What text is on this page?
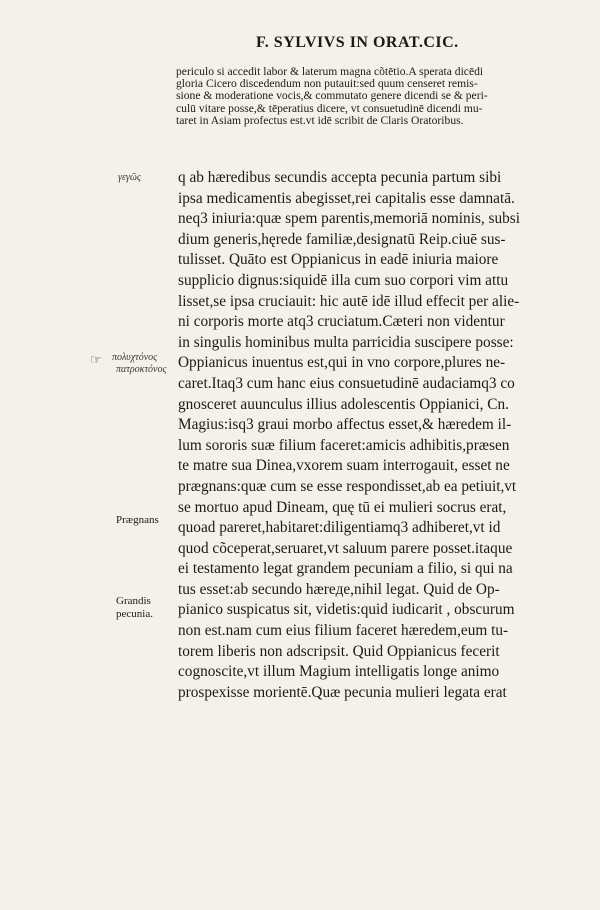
F. SYLVIVS IN ORAT.CIC.
periculo si accedit labor & laterum magna cõtētio.A sperata dicēdi
gloria Cicero discedendum non putauit:sed quum censeret remis-
sione & moderatione vocis,& commutato genere dicendi se & peri-
culū vitare posse,& tēperatius dicere, vt consuetudinē dicendi mu-
taret in Asiam profectus est.vt idē scribit de Claris Oratoribus.
q ab hæredibus secundis accepta pecunia partum sibi
ipsa medicamentis abegisset,rei capitalis esse damnatā.
neq3 iniuria:quæ spem parentis,memoriā nominis, subsi
dium generis,hęrede familiæ,designatū Reip.ciuē sus-
tulisset. Quāto est Oppianicus in eadē iniuria maiore
supplicio dignus:siquidē illa cum suo corpori vim attu
lisset,se ipsa cruciauit: hic autē idē illud effecit per alie-
ni corporis morte atq3 cruciatum.Cæteri non videntur
in singulis hominibus multa parricidia suscipere posse:
Oppianicus inuentus est,qui in vno corpore,plures ne-
caret.Itaq3 cum hanc eius consuetudinē audaciamq3 co
gnosceret auunculus illius adolescentis Oppianici, Cn.
Magius:isq3 graui morbo affectus esset,& hæredem il-
lum sororis suæ filium faceret:amicis adhibitis,præsen
te matre sua Dinea,vxorem suam interrogauit, esset ne
prægnans:quæ cum se esse respondisset,ab ea petiuit,vt
se mortuo apud Dineam, quę tū ei mulieri socrus erat,
quoad pareret,habitaret:diligentiamq3 adhiberet,vt id
quod cõceperat,seruaret,vt saluum parere posset.itaque
ei testamento legat grandem pecuniam a filio, si qui na
tus esset:ab secundo hæreде,nihil legat. Quid de Op-
pianico suspicatus sit, videtis:quid iudicarit , obscurum
non est.nam cum eius filium faceret hæredem,eum tu-
torem liberis non adscripsit. Quid Oppianicus fecerit
cognoscite,vt illum Magium intelligatis longe animo
prospexisse morientē.Quæ pecunia mulieri legata erat
γεγῶς
☞ πολυχτόνος
πατροκτόνος
Prægnans
Grandis
pecunia.
